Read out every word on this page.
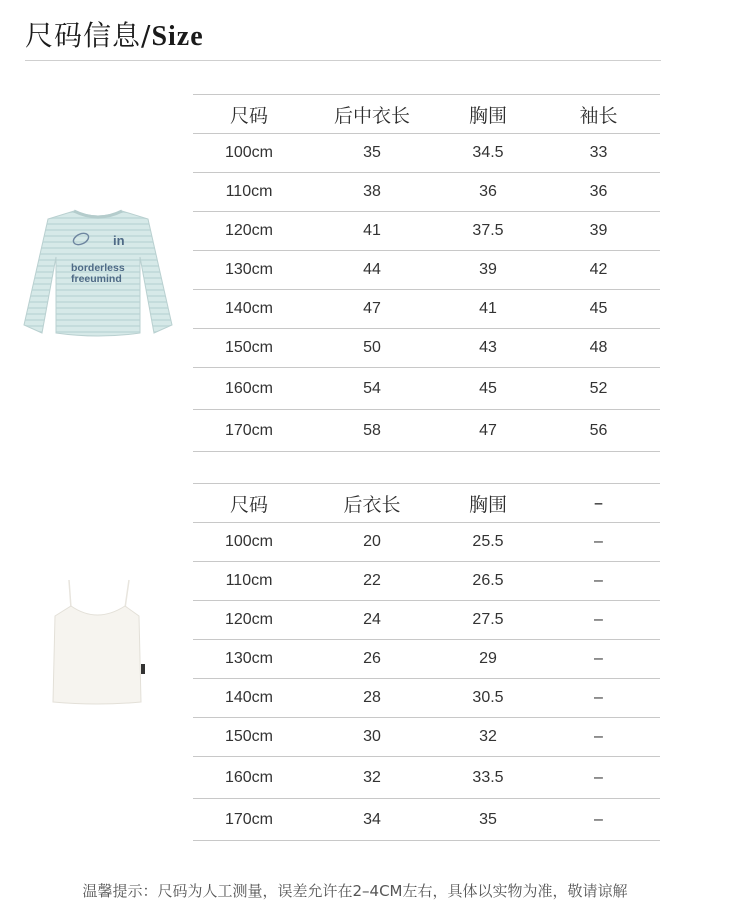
尺码信息/Size
in
borderless
freeumind
尺码	后中衣长	胸围	袖长
100cm	35	34.5	33
110cm	38	36	36
120cm	41	37.5	39
130cm	44	39	42
140cm	47	41	45
150cm	50	43	48
160cm	54	45	52
170cm	58	47	56
尺码	后衣长	胸围	–
100cm	20	25.5	–
110cm	22	26.5	–
120cm	24	27.5	–
130cm	26	29	–
140cm	28	30.5	–
150cm	30	32	–
160cm	32	33.5	–
170cm	34	35	–
温馨提示：尺码为人工测量，误差允许在2–4CM左右，具体以实物为准，敬请谅解
